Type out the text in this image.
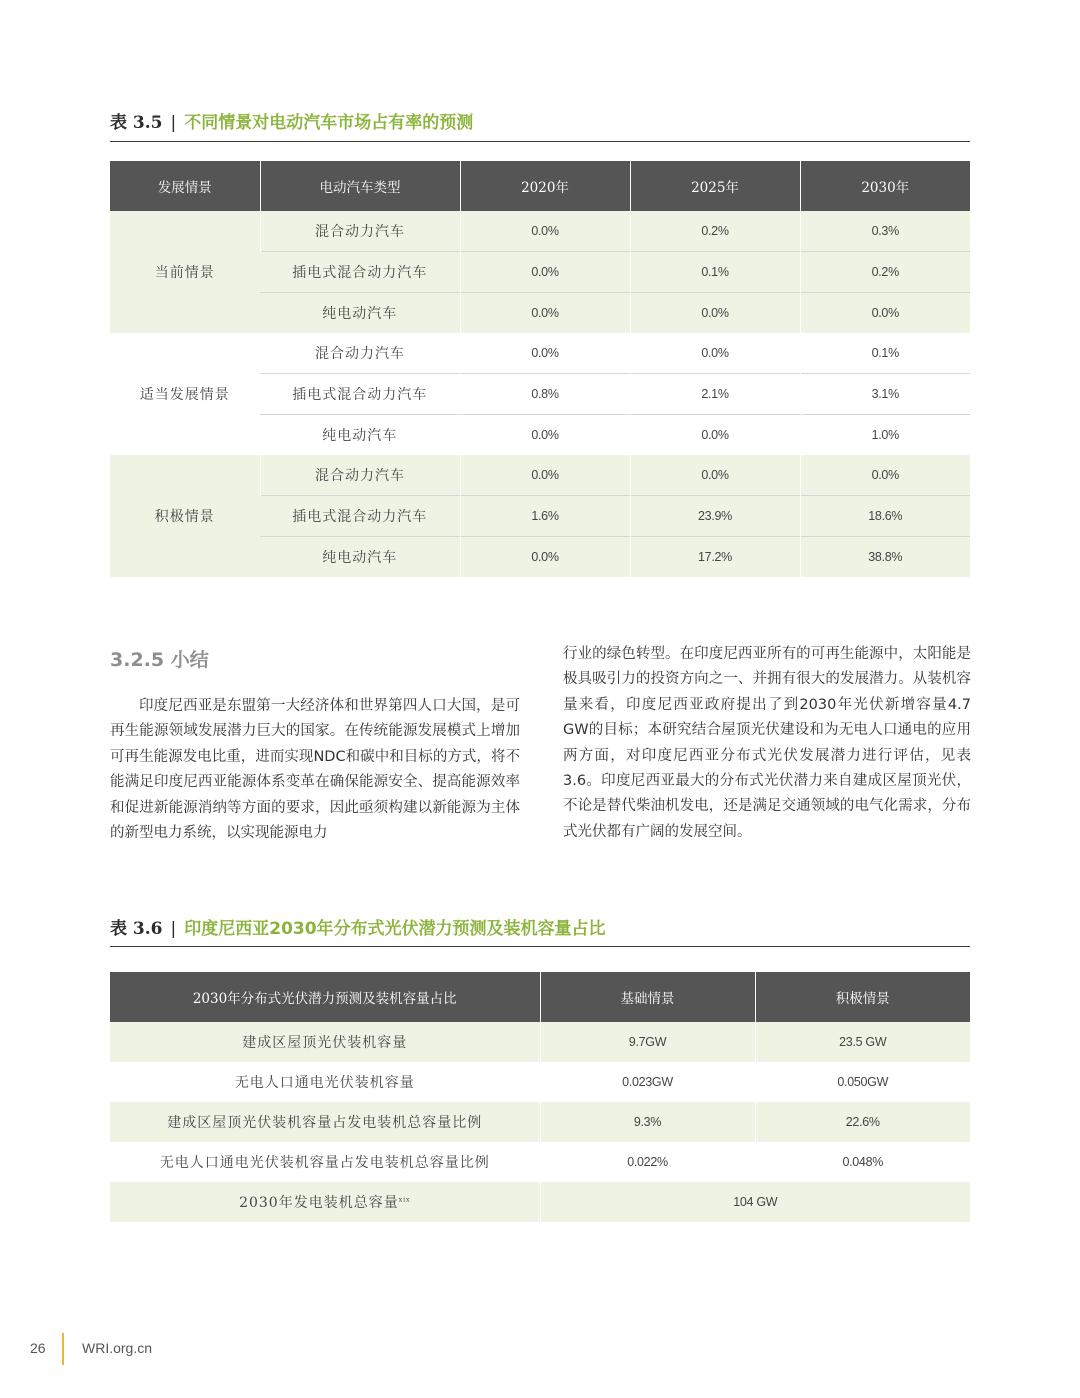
表 3.5 | 不同情景对电动汽车市场占有率的预测
发展情景	电动汽车类型	2020年	2025年	2030年
当前情景	混合动力汽车	0.0%	0.2%	0.3%
	插电式混合动力汽车	0.0%	0.1%	0.2%
	纯电动汽车	0.0%	0.0%	0.0%
适当发展情景	混合动力汽车	0.0%	0.0%	0.1%
	插电式混合动力汽车	0.8%	2.1%	3.1%
	纯电动汽车	0.0%	0.0%	1.0%
积极情景	混合动力汽车	0.0%	0.0%	0.0%
	插电式混合动力汽车	1.6%	23.9%	18.6%
	纯电动汽车	0.0%	17.2%	38.8%
3.2.5 小结

印度尼西亚是东盟第一大经济体和世界第四人口大国，是可再生能源领域发展潜力巨大的国家。在传统能源发展模式上增加可再生能源发电比重，进而实现NDC和碳中和目标的方式，将不能满足印度尼西亚能源体系变革在确保能源安全、提高能源效率和促进新能源消纳等方面的要求，因此亟须构建以新能源为主体的新型电力系统，以实现能源电力

行业的绿色转型。在印度尼西亚所有的可再生能源中，太阳能是极具吸引力的投资方向之一、并拥有很大的发展潜力。从装机容量来看，印度尼西亚政府提出了到2030年光伏新增容量4.7 GW的目标；本研究结合屋顶光伏建设和为无电人口通电的应用两方面，对印度尼西亚分布式光伏发展潜力进行评估，见表3.6。印度尼西亚最大的分布式光伏潜力来自建成区屋顶光伏，不论是替代柴油机发电，还是满足交通领域的电气化需求，分布式光伏都有广阔的发展空间。

表 3.6 | 印度尼西亚2030年分布式光伏潜力预测及装机容量占比
2030年分布式光伏潜力预测及装机容量占比	基础情景	积极情景
建成区屋顶光伏装机容量	9.7GW	23.5 GW
无电人口通电光伏装机容量	0.023GW	0.050GW
建成区屋顶光伏装机容量占发电装机总容量比例	9.3%	22.6%
无电人口通电光伏装机容量占发电装机总容量比例	0.022%	0.048%
2030年发电装机总容量$^{xix}$	104 GW	
26	WRI.org.cn
